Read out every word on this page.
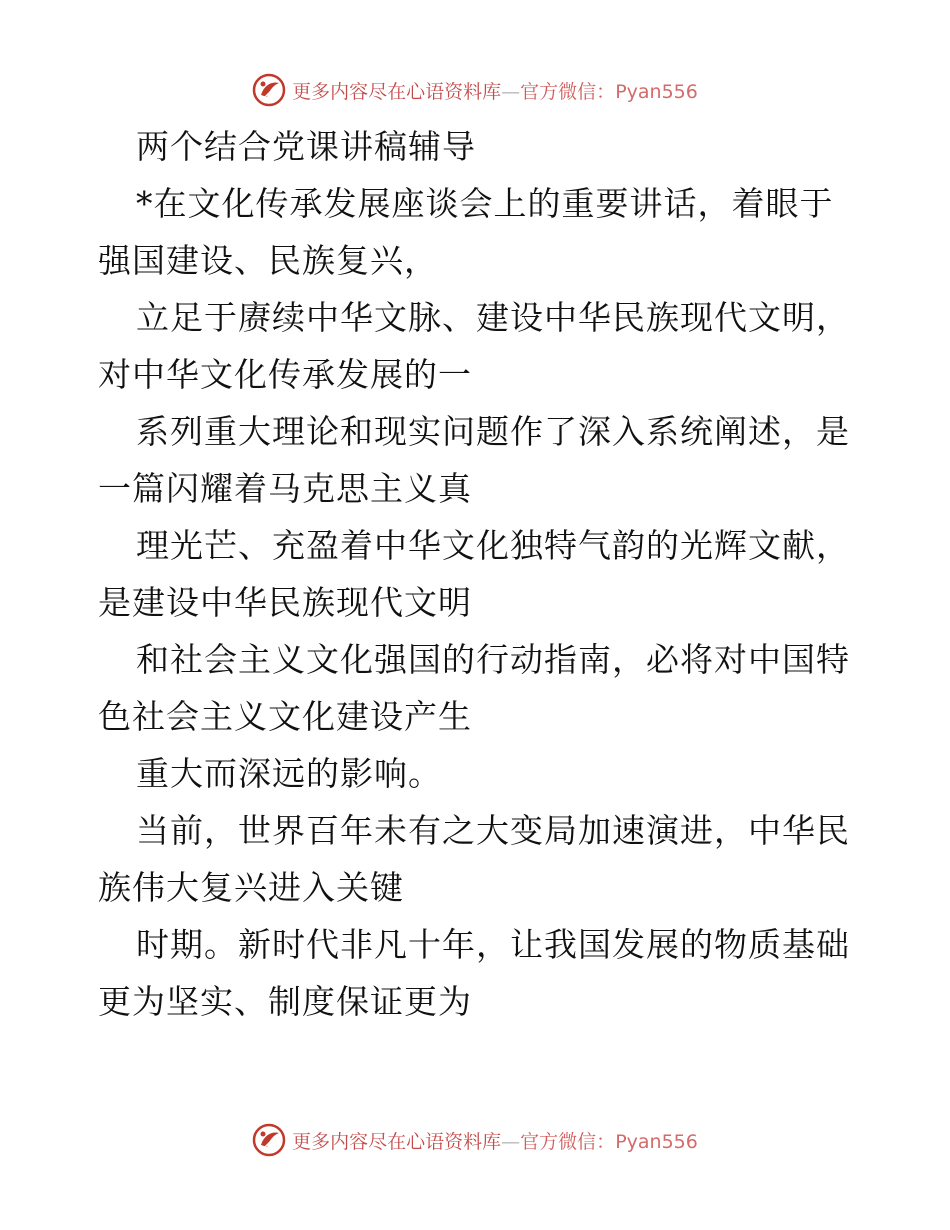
更多内容尽在心语资料库—官方微信：Pyan556
两个结合党课讲稿辅导
*在文化传承发展座谈会上的重要讲话，着眼于
强国建设、民族复兴，
立足于赓续中华文脉、建设中华民族现代文明，
对中华文化传承发展的一
系列重大理论和现实问题作了深入系统阐述，是
一篇闪耀着马克思主义真
理光芒、充盈着中华文化独特气韵的光辉文献，
是建设中华民族现代文明
和社会主义文化强国的行动指南，必将对中国特
色社会主义文化建设产生
重大而深远的影响。
当前，世界百年未有之大变局加速演进，中华民
族伟大复兴进入关键
时期。新时代非凡十年，让我国发展的物质基础
更为坚实、制度保证更为
更多内容尽在心语资料库—官方微信：Pyan556
